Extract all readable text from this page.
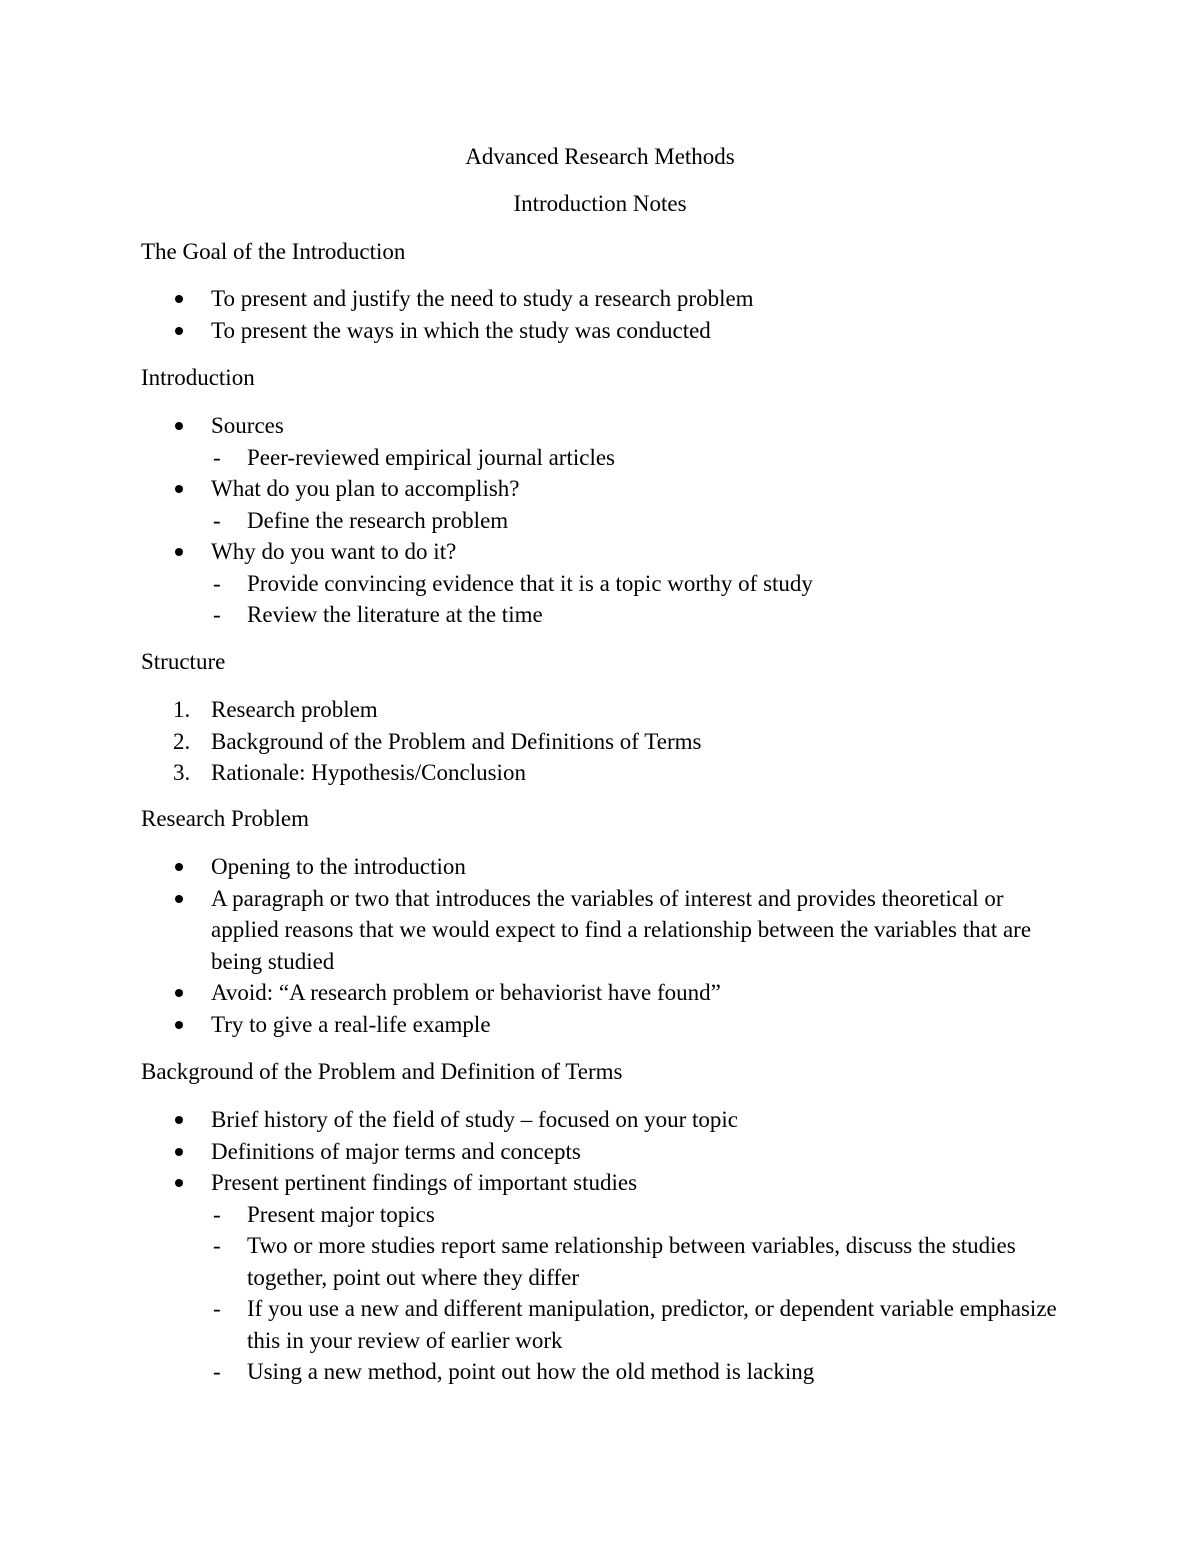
Advanced Research Methods
Introduction Notes
The Goal of the Introduction
To present and justify the need to study a research problem
To present the ways in which the study was conducted
Introduction
Sources
- Peer-reviewed empirical journal articles
What do you plan to accomplish?
- Define the research problem
Why do you want to do it?
- Provide convincing evidence that it is a topic worthy of study
- Review the literature at the time
Structure
1. Research problem
2. Background of the Problem and Definitions of Terms
3. Rationale: Hypothesis/Conclusion
Research Problem
Opening to the introduction
A paragraph or two that introduces the variables of interest and provides theoretical or applied reasons that we would expect to find a relationship between the variables that are being studied
Avoid: “A research problem or behaviorist have found”
Try to give a real-life example
Background of the Problem and Definition of Terms
Brief history of the field of study – focused on your topic
Definitions of major terms and concepts
Present pertinent findings of important studies
- Present major topics
- Two or more studies report same relationship between variables, discuss the studies together, point out where they differ
- If you use a new and different manipulation, predictor, or dependent variable emphasize this in your review of earlier work
- Using a new method, point out how the old method is lacking
